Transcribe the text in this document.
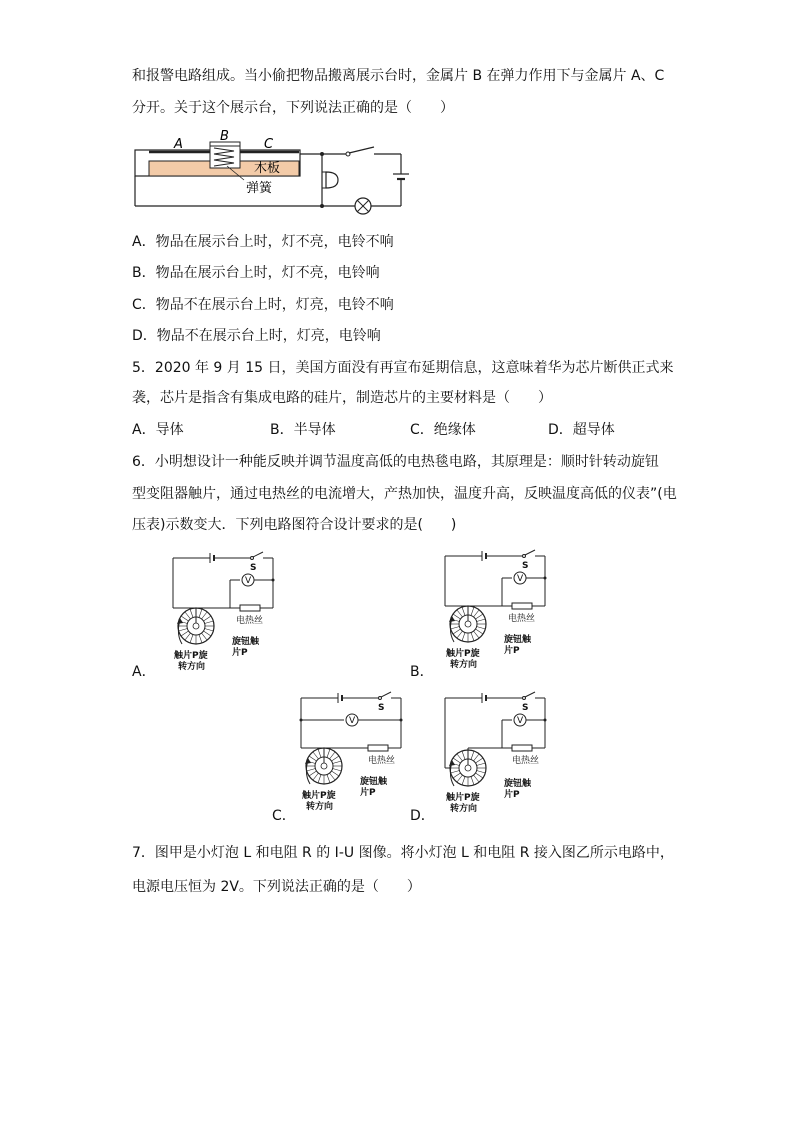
和报警电路组成。当小偷把物品搬离展示台时，金属片 B 在弹力作用下与金属片 A、C
分开。关于这个展示台，下列说法正确的是（　　）
A
B
C
木板
弹簧
A．物品在展示台上时，灯不亮，电铃不响
B．物品在展示台上时，灯不亮，电铃响
C．物品不在展示台上时，灯亮，电铃不响
D．物品不在展示台上时，灯亮，电铃响
5．2020 年 9 月 15 日，美国方面没有再宣布延期信息，这意味着华为芯片断供正式来
袭，芯片是指含有集成电路的硅片，制造芯片的主要材料是（　　）
A．导体	B．半导体	C．绝缘体	D．超导体
6．小明想设计一种能反映并调节温度高低的电热毯电路，其原理是：顺时针转动旋钮
型变阻器触片，通过电热丝的电流增大，产热加快，温度升高，反映温度高低的仪表”(电
压表)示数变大．下列电路图符合设计要求的是(　　)
S
V
电热丝
旋钮触
片P
触片P旋
转方向
A．
S
V
电热丝
旋钮触
片P
触片P旋
转方向
B．
S
V
电热丝
旋钮触
片P
触片P旋
转方向
C．
S
V
电热丝
旋钮触
片P
触片P旋
转方向
D．
7．图甲是小灯泡 L 和电阻 R 的 I-U 图像。将小灯泡 L 和电阻 R 接入图乙所示电路中，
电源电压恒为 2V。下列说法正确的是（　　）
